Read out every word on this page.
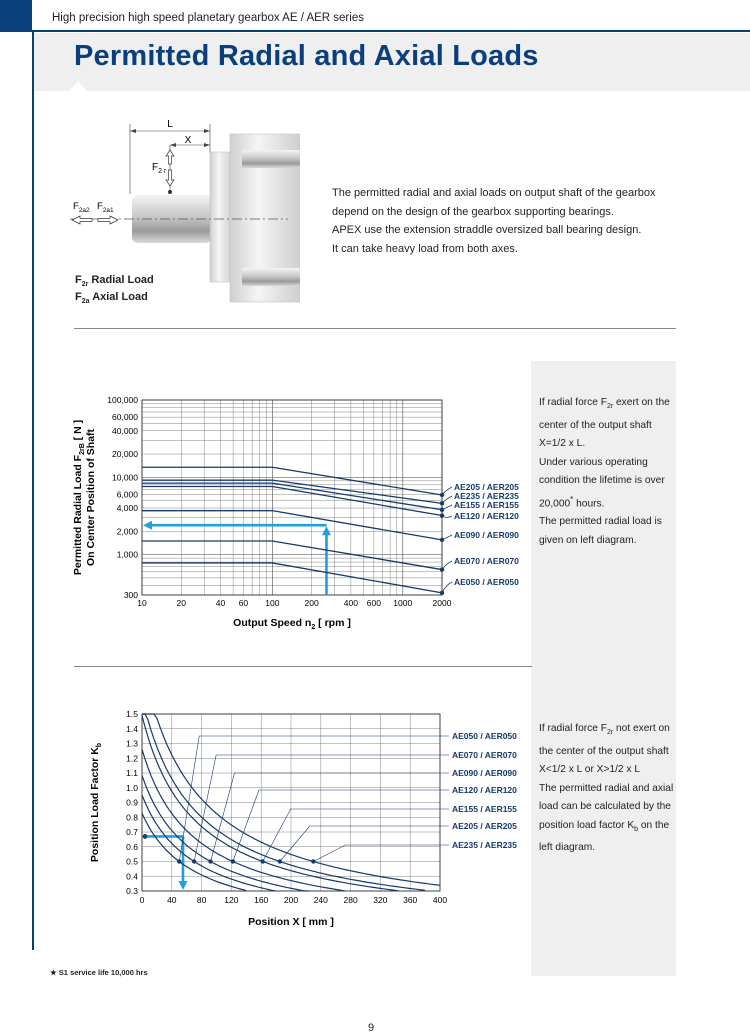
High precision high speed planetary gearbox AE / AER series
Permitted Radial and Axial Loads
L
X
$F_{2 r}$
$F_{2a2}$ $F_{2a1}$
$F_{2r}$ Radial Load
$F_{2a}$ Axial Load
The permitted radial and axial loads on output shaft of the gearbox
depend on the design of the gearbox supporting bearings.
APEX use the extension straddle oversized ball bearing design.
It can take heavy load from both axes.
If radial force $F_{2r}$ exert on the
center of the output shaft
X=1/2 x L.
Under various operating
condition the lifetime is over
20,000* hours.
The permitted radial load is
given on left diagram.
If radial force $F_{2r}$ not exert on
the center of the output shaft
X<1/2 x L or X>1/2 x L
The permitted radial and axial
load can be calculated by the
position load factor $K_b$ on the
left diagram.
10	20	40 60 100	200	400 600 1000 2000
300
1,000
2,000
4,000
6,000
10,000
20,000
40,000
60,000
100,000
Output Speed $n_2$ [ rpm ]
Permitted Radial Load $F_{2rB}$ [ N ] On Center Position of Shaft	AE205 / AER205
AE235 / AER235
AE155 / AER155
AE120 / AER120
AE090 / AER090
AE070 / AER070
AE050 / AER050
0	40 80 120 160 200 240 280 320 360 400
0.3
0.4
0.5
0.6
0.7
0.8
0.9
1.0
1.1
1.2
1.3
1.4
1.5
Position X [ mm ]
Position Load Factor $K_b$
AE050 / AER050
AE070 / AER070
AE090 / AER090
AE120 / AER120
AE155 / AER155
AE205 / AER205
AE235 / AER235
★ S1 service life 10,000 hrs
9
